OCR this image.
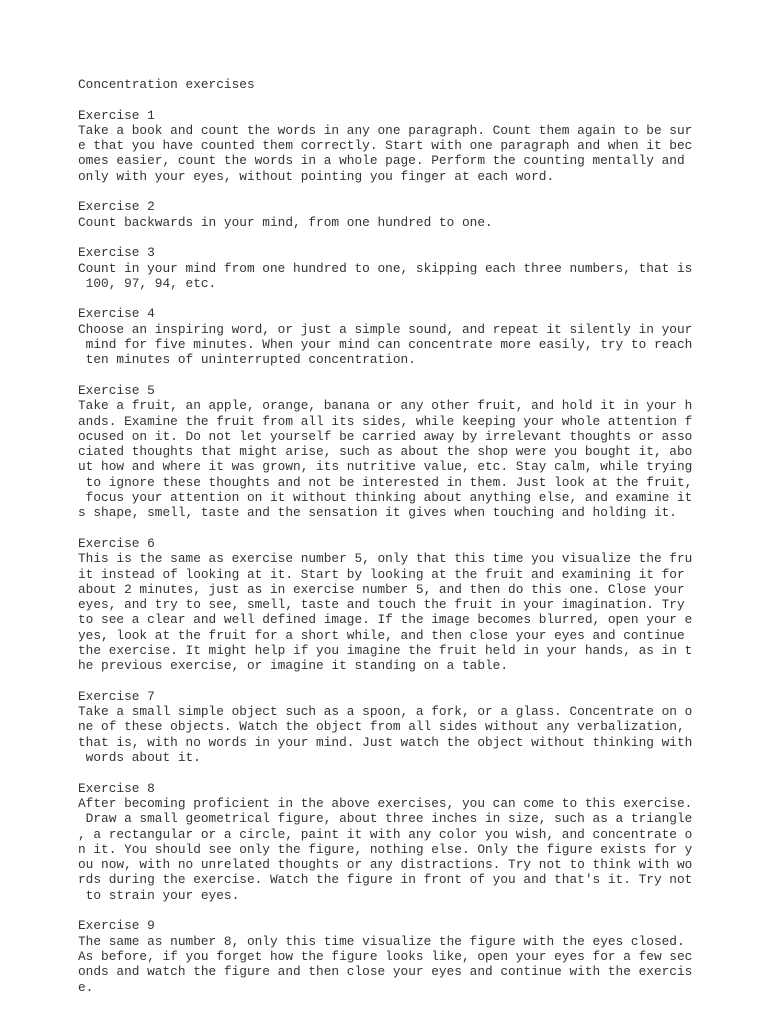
Concentration exercises
Exercise 1
Take a book and count the words in any one paragraph. Count them again to be sur
e that you have counted them correctly. Start with one paragraph and when it bec
omes easier, count the words in a whole page. Perform the counting mentally and
only with your eyes, without pointing you finger at each word.
Exercise 2
Count backwards in your mind, from one hundred to one.
Exercise 3
Count in your mind from one hundred to one, skipping each three numbers, that is
100, 97, 94, etc.
Exercise 4
Choose an inspiring word, or just a simple sound, and repeat it silently in your
mind for five minutes. When your mind can concentrate more easily, try to reach
ten minutes of uninterrupted concentration.
Exercise 5
Take a fruit, an apple, orange, banana or any other fruit, and hold it in your h
ands. Examine the fruit from all its sides, while keeping your whole attention f
ocused on it. Do not let yourself be carried away by irrelevant thoughts or asso
ciated thoughts that might arise, such as about the shop were you bought it, abo
ut how and where it was grown, its nutritive value, etc. Stay calm, while trying
to ignore these thoughts and not be interested in them. Just look at the fruit,
focus your attention on it without thinking about anything else, and examine it
s shape, smell, taste and the sensation it gives when touching and holding it.
Exercise 6
This is the same as exercise number 5, only that this time you visualize the fru
it instead of looking at it. Start by looking at the fruit and examining it for
about 2 minutes, just as in exercise number 5, and then do this one. Close your
eyes, and try to see, smell, taste and touch the fruit in your imagination. Try
to see a clear and well defined image. If the image becomes blurred, open your e
yes, look at the fruit for a short while, and then close your eyes and continue
the exercise. It might help if you imagine the fruit held in your hands, as in t
he previous exercise, or imagine it standing on a table.
Exercise 7
Take a small simple object such as a spoon, a fork, or a glass. Concentrate on o
ne of these objects. Watch the object from all sides without any verbalization,
that is, with no words in your mind. Just watch the object without thinking with
words about it.
Exercise 8
After becoming proficient in the above exercises, you can come to this exercise.
Draw a small geometrical figure, about three inches in size, such as a triangle
, a rectangular or a circle, paint it with any color you wish, and concentrate o
n it. You should see only the figure, nothing else. Only the figure exists for y
ou now, with no unrelated thoughts or any distractions. Try not to think with wo
rds during the exercise. Watch the figure in front of you and that's it. Try not
to strain your eyes.
Exercise 9
The same as number 8, only this time visualize the figure with the eyes closed.
As before, if you forget how the figure looks like, open your eyes for a few sec
onds and watch the figure and then close your eyes and continue with the exercis
e.
